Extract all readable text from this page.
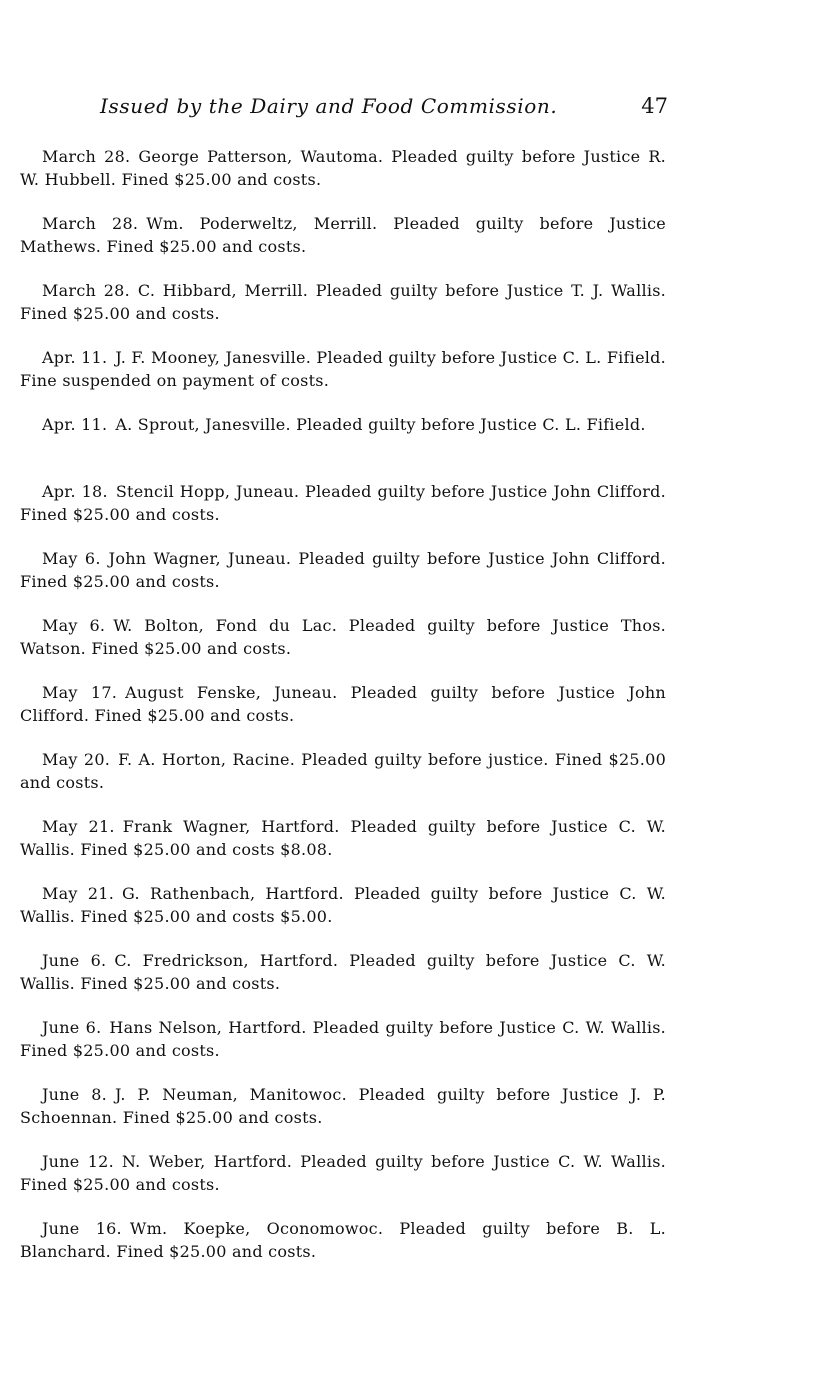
Issued by the Dairy and Food Commission.	47

March 28. George Patterson, Wautoma. Pleaded guilty before Justice R. W. Hubbell. Fined $25.00 and costs.

March 28. Wm. Poderweltz, Merrill. Pleaded guilty before Justice Mathews. Fined $25.00 and costs.

March 28. C. Hibbard, Merrill. Pleaded guilty before Justice T. J. Wallis. Fined $25.00 and costs.

Apr. 11. J. F. Mooney, Janesville. Pleaded guilty before Justice C. L. Fifield. Fine suspended on payment of costs.

Apr. 11. A. Sprout, Janesville. Pleaded guilty before Justice C. L. Fifield.

Apr. 18. Stencil Hopp, Juneau. Pleaded guilty before Justice John Clifford. Fined $25.00 and costs.

May 6. John Wagner, Juneau. Pleaded guilty before Justice John Clifford. Fined $25.00 and costs.

May 6. W. Bolton, Fond du Lac. Pleaded guilty before Justice Thos. Watson. Fined $25.00 and costs.

May 17. August Fenske, Juneau. Pleaded guilty before Justice John Clifford. Fined $25.00 and costs.

May 20. F. A. Horton, Racine. Pleaded guilty before justice. Fined $25.00 and costs.

May 21. Frank Wagner, Hartford. Pleaded guilty before Justice C. W. Wallis. Fined $25.00 and costs $8.08.

May 21. G. Rathenbach, Hartford. Pleaded guilty before Justice C. W. Wallis. Fined $25.00 and costs $5.00.

June 6. C. Fredrickson, Hartford. Pleaded guilty before Justice C. W. Wallis. Fined $25.00 and costs.

June 6. Hans Nelson, Hartford. Pleaded guilty before Justice C. W. Wallis. Fined $25.00 and costs.

June 8. J. P. Neuman, Manitowoc. Pleaded guilty before Justice J. P. Schoennan. Fined $25.00 and costs.

June 12. N. Weber, Hartford. Pleaded guilty before Justice C. W. Wallis. Fined $25.00 and costs.

June 16. Wm. Koepke, Oconomowoc. Pleaded guilty before B. L. Blanchard. Fined $25.00 and costs.
